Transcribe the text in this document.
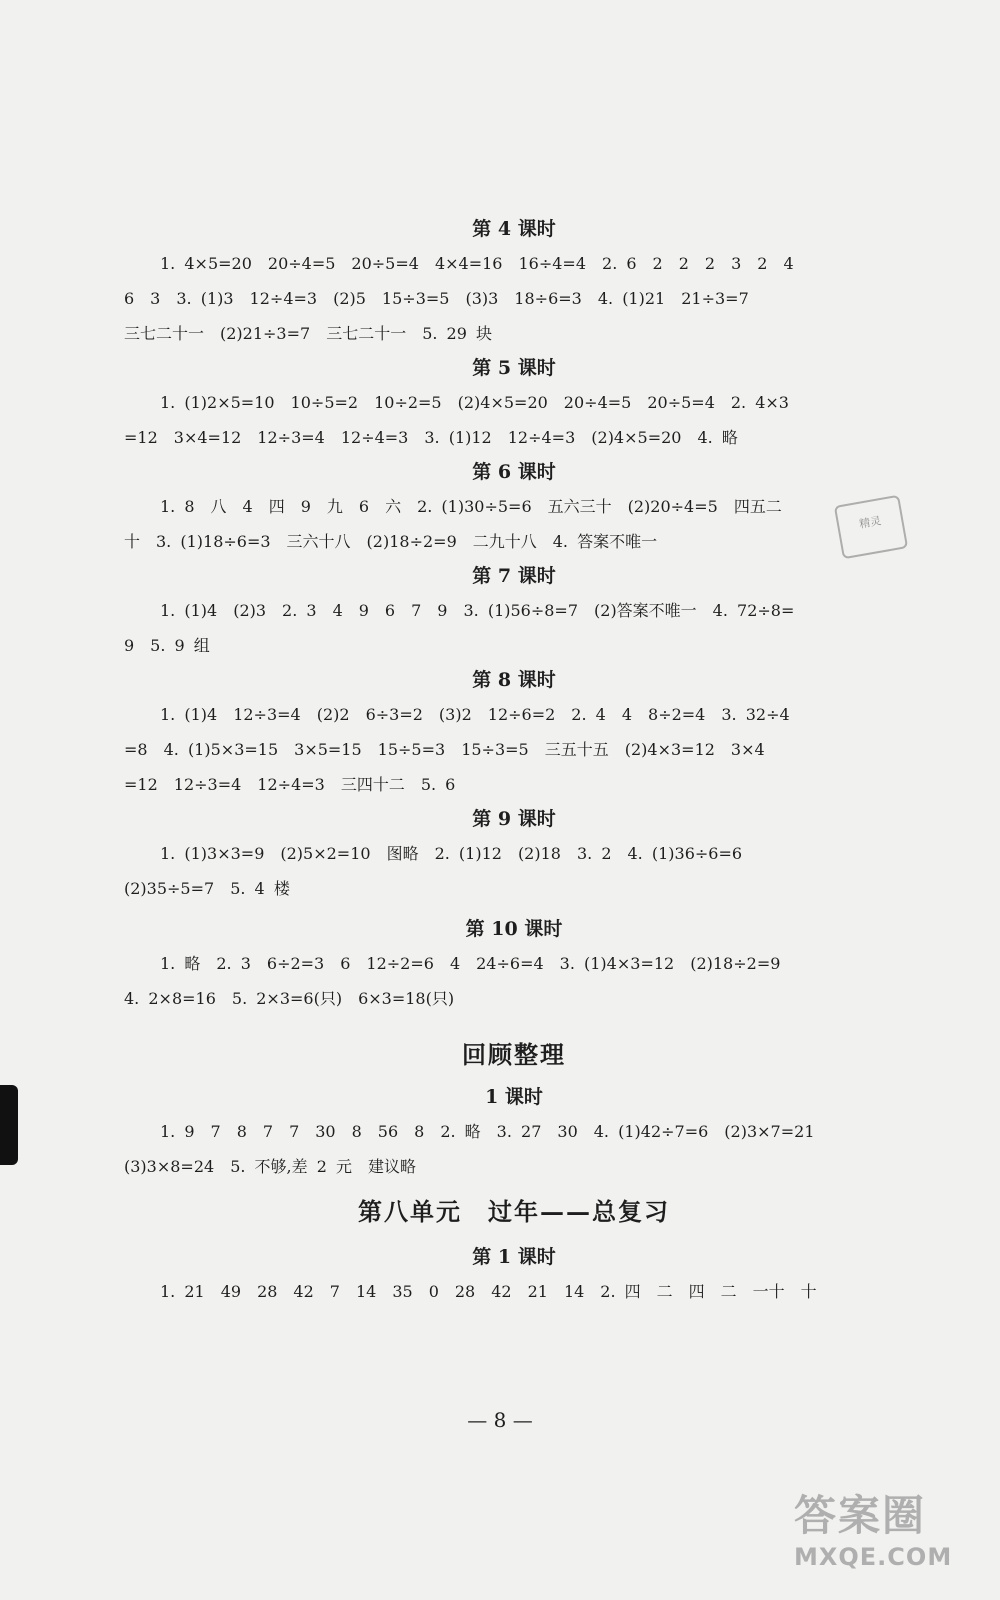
第 4 课时
1. 4×5=20　20÷4=5　20÷5=4　4×4=16　16÷4=4　2. 6　2　2　2　3　2　4
6　3　3. (1)3　12÷4=3　(2)5　15÷3=5　(3)3　18÷6=3　4. (1)21　21÷3=7
三七二十一　(2)21÷3=7　三七二十一　5. 29 块
第 5 课时
1. (1)2×5=10　10÷5=2　10÷2=5　(2)4×5=20　20÷4=5　20÷5=4　2. 4×3
=12　3×4=12　12÷3=4　12÷4=3　3. (1)12　12÷4=3　(2)4×5=20　4. 略
第 6 课时
1. 8　八　4　四　9　九　6　六　2. (1)30÷5=6　五六三十　(2)20÷4=5　四五二
十　3. (1)18÷6=3　三六十八　(2)18÷2=9　二九十八　4. 答案不唯一
第 7 课时
1. (1)4　(2)3　2. 3　4　9　6　7　9　3. (1)56÷8=7　(2)答案不唯一　4. 72÷8=
9　5. 9 组
第 8 课时
1. (1)4　12÷3=4　(2)2　6÷3=2　(3)2　12÷6=2　2. 4　4　8÷2=4　3. 32÷4
=8　4. (1)5×3=15　3×5=15　15÷5=3　15÷3=5　三五十五　(2)4×3=12　3×4
=12　12÷3=4　12÷4=3　三四十二　5. 6
第 9 课时
1. (1)3×3=9　(2)5×2=10　图略　2. (1)12　(2)18　3. 2　4. (1)36÷6=6
(2)35÷5=7　5. 4 楼
第 10 课时
1. 略　2. 3　6÷2=3　6　12÷2=6　4　24÷6=4　3. (1)4×3=12　(2)18÷2=9
4. 2×8=16　5. 2×3=6(只)　6×3=18(只)
回顾整理
1 课时
1. 9　7　8　7　7　30　8　56　8　2. 略　3. 27　30　4. (1)42÷7=6　(2)3×7=21
(3)3×8=24　5. 不够,差 2 元　建议略
第八单元　过年——总复习
第 1 课时
1. 21　49　28　42　7　14　35　0　28　42　21　14　2. 四　二　四　二　一十　十
— 8 —
精灵
答案圈
MXQE.COM
